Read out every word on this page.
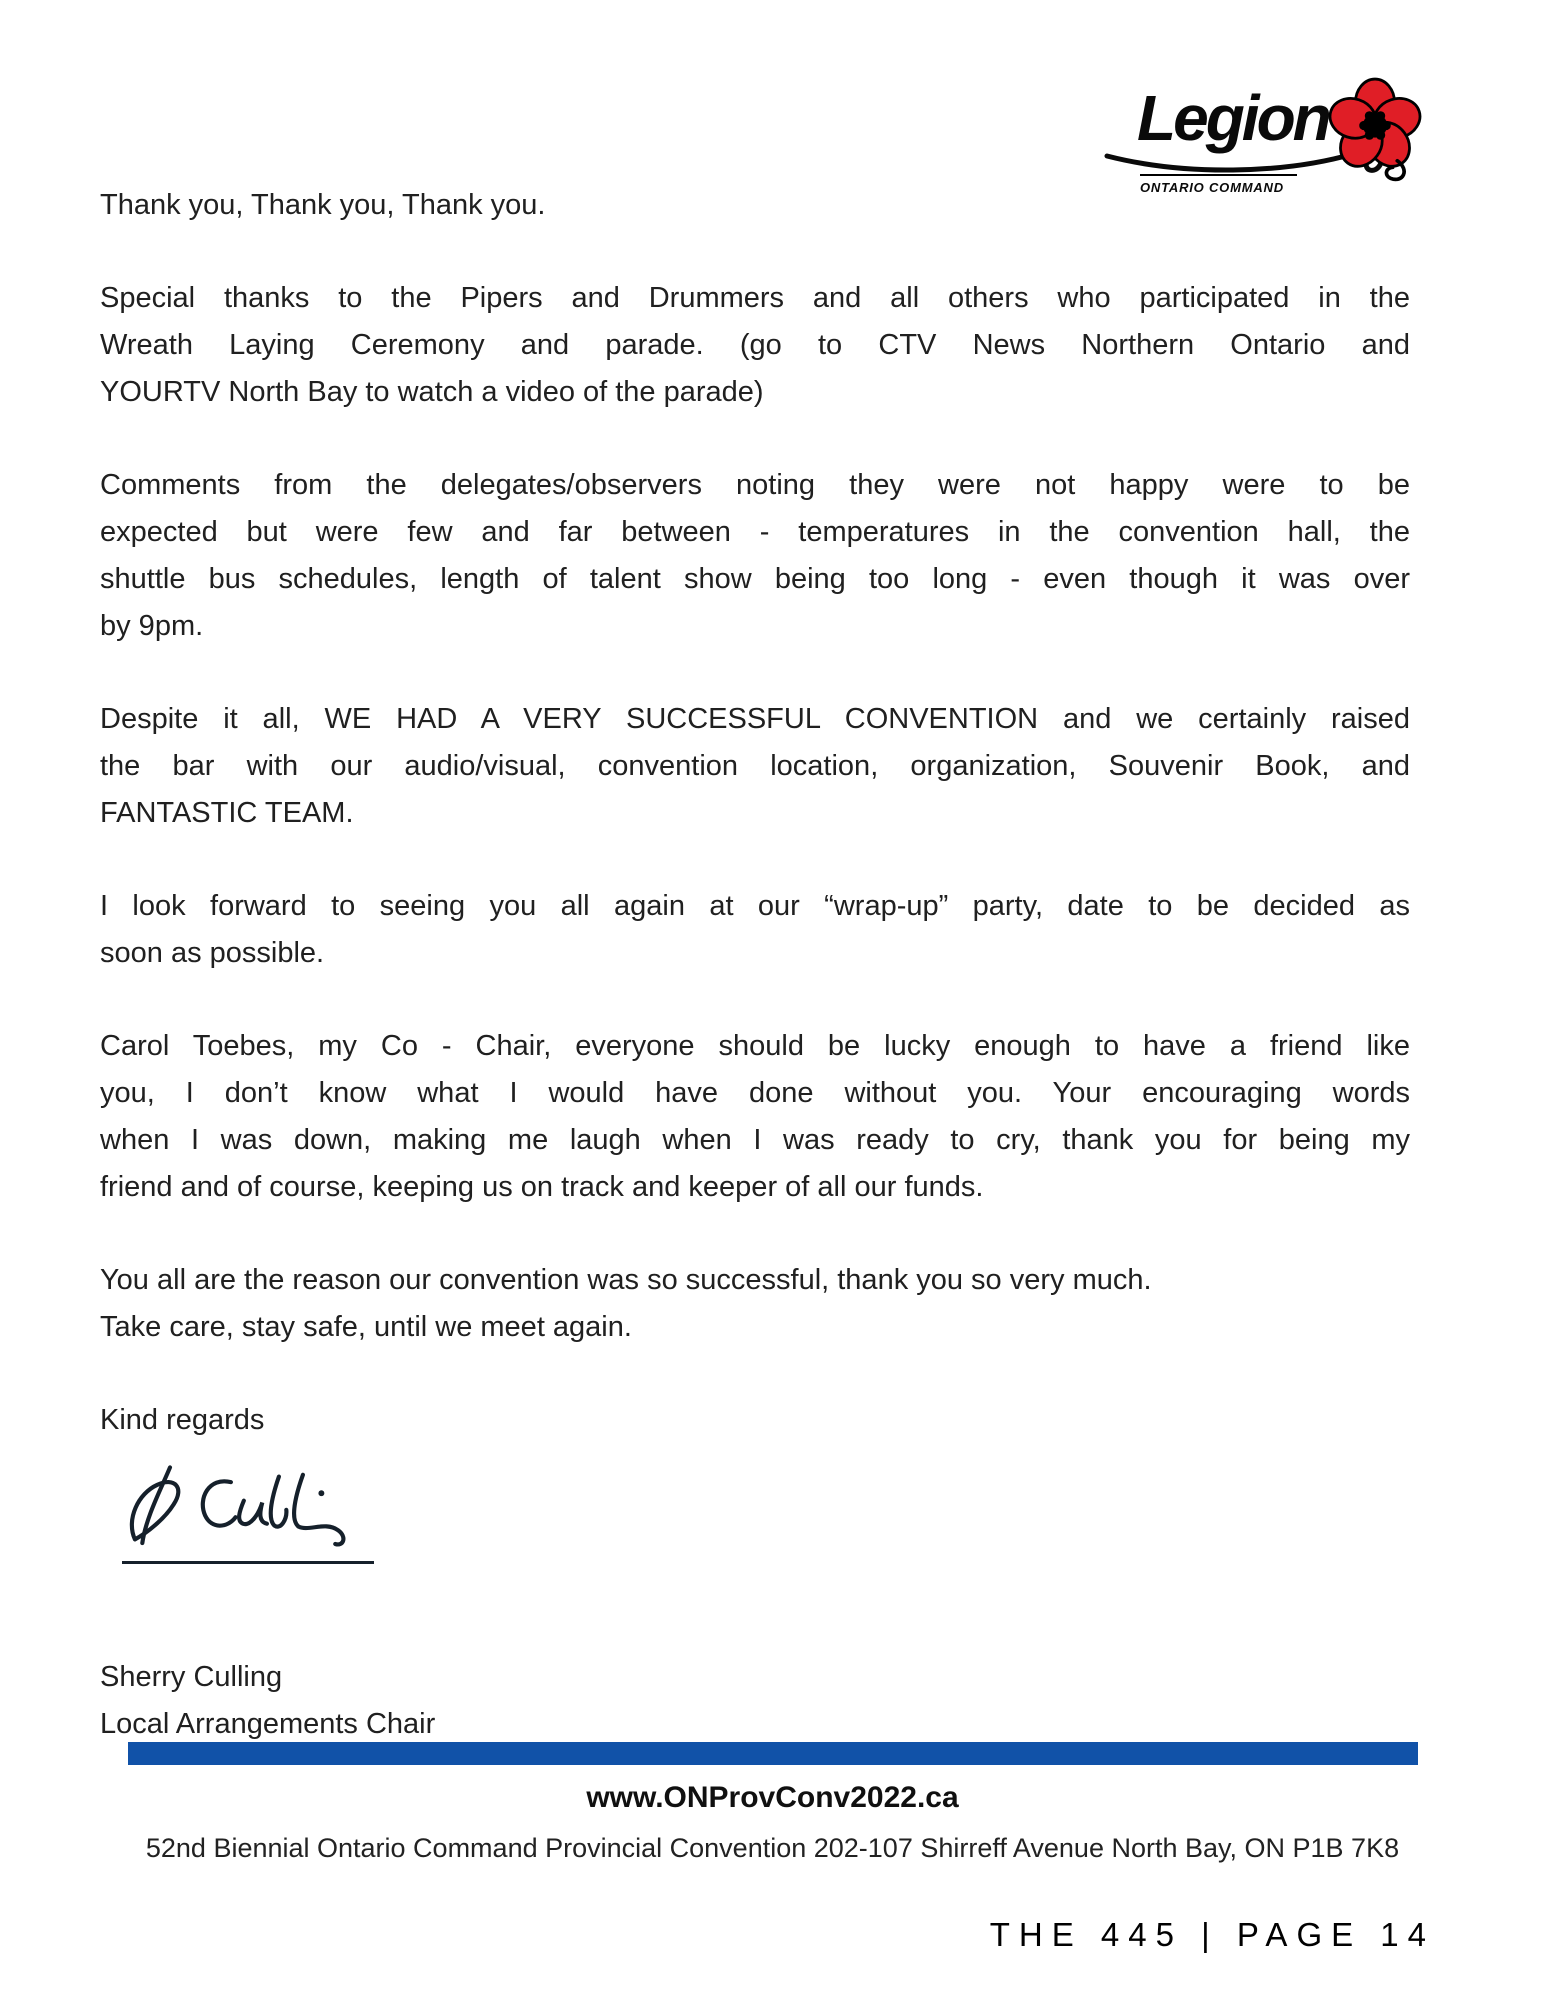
Legion
ONTARIO COMMAND

Thank you, Thank you, Thank you.

Special thanks to the Pipers and Drummers and all others who participated in the
Wreath Laying Ceremony and parade. (go to CTV News Northern Ontario and
YOURTV North Bay to watch a video of the parade)

Comments from the delegates/observers noting they were not happy were to be
expected but were few and far between - temperatures in the convention hall, the
shuttle bus schedules, length of talent show being too long - even though it was over
by 9pm.

Despite it all, WE HAD A VERY SUCCESSFUL CONVENTION and we certainly raised
the bar with our audio/visual, convention location, organization, Souvenir Book, and
FANTASTIC TEAM.

I look forward to seeing you all again at our “wrap-up” party, date to be decided as
soon as possible.

Carol Toebes, my Co - Chair, everyone should be lucky enough to have a friend like
you, I don’t know what I would have done without you. Your encouraging words
when I was down, making me laugh when I was ready to cry, thank you for being my
friend and of course, keeping us on track and keeper of all our funds.

You all are the reason our convention was so successful, thank you so very much.
Take care, stay safe, until we meet again.

Kind regards
Sherry Culling
Local Arrangements Chair
www.ONProvConv2022.ca
52nd Biennial Ontario Command Provincial Convention 202-107 Shirreff Avenue North Bay, ON P1B 7K8
THE 445 | PAGE 14
